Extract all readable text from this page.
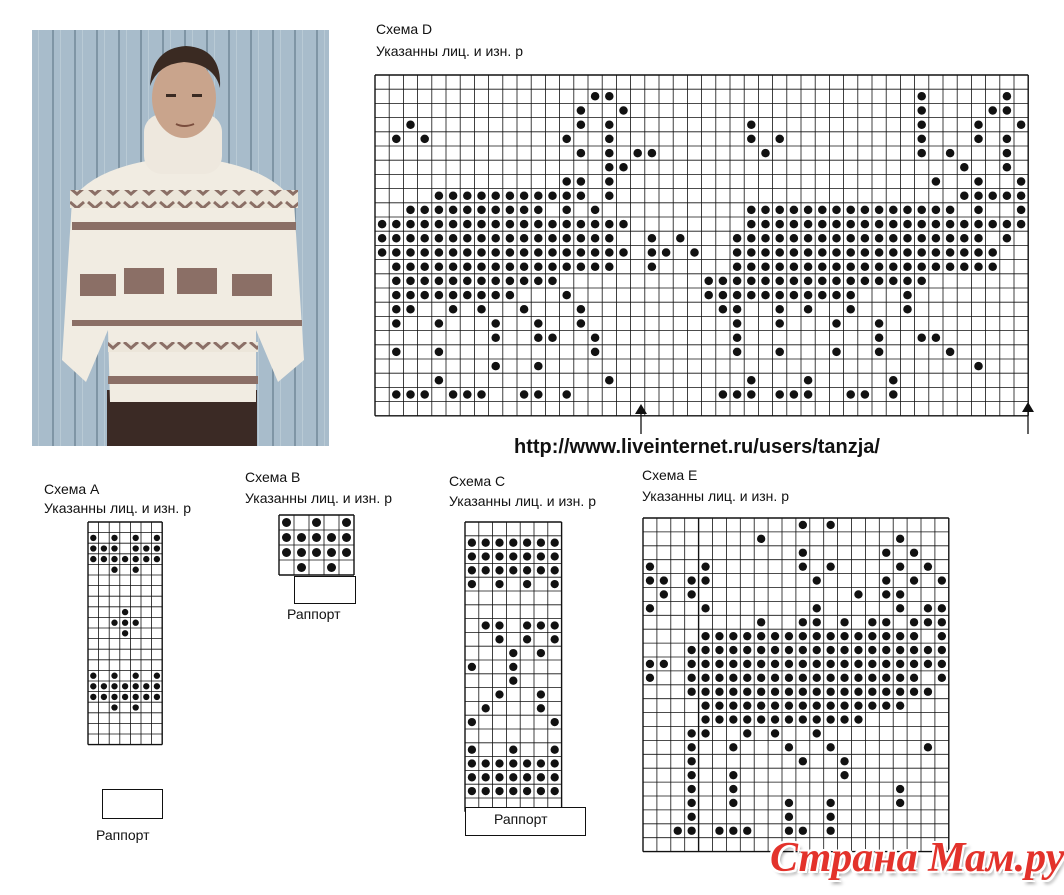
Схема D
Указанны лиц. и изн. р
http://www.liveinternet.ru/users/tanzja/
Схема А
Указанны лиц. и изн. р
Раппорт
Схема В
Указанны лиц. и изн. р
Раппорт
Схема С
Указанны лиц. и изн. р
Раппорт
Схема Е
Указанны лиц. и изн. р
Страна Мам.ру
